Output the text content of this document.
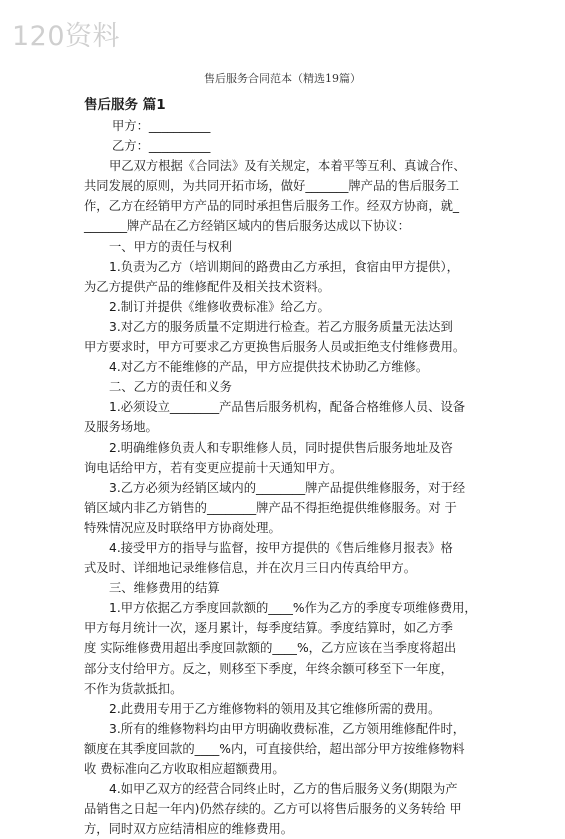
120资料
售后服务合同范本（精选19篇）
售后服务 篇1
甲方：__________
乙方：__________
甲乙双方根据《合同法》及有关规定，本着平等互利、真诚合作、
共同发展的原则，为共同开拓市场，做好_______牌产品的售后服务工
作，乙方在经销甲方产品的同时承担售后服务工作。经双方协商，就_
_______牌产品在乙方经销区域内的售后服务达成以下协议：
一、甲方的责任与权利
1.负责为乙方（培训期间的路费由乙方承担，食宿由甲方提供），
为乙方提供产品的维修配件及相关技术资料。
2.制订并提供《维修收费标准》给乙方。
3.对乙方的服务质量不定期进行检查。若乙方服务质量无法达到
甲方要求时，甲方可要求乙方更换售后服务人员或拒绝支付维修费用。
4.对乙方不能维修的产品，甲方应提供技术协助乙方维修。
二、乙方的责任和义务
1.必须设立________产品售后服务机构，配备合格维修人员、设备
及服务场地。
2.明确维修负责人和专职维修人员，同时提供售后服务地址及咨
询电话给甲方，若有变更应提前十天通知甲方。
3.乙方必须为经销区域内的________牌产品提供维修服务，对于经
销区域内非乙方销售的________牌产品不得拒绝提供维修服务。对 于
特殊情况应及时联络甲方协商处理。
4.接受甲方的指导与监督，按甲方提供的《售后维修月报表》格
式及时、详细地记录维修信息，并在次月三日内传真给甲方。
三、维修费用的结算
1.甲方依据乙方季度回款额的____%作为乙方的季度专项维修费用，
甲方每月统计一次，逐月累计，每季度结算。季度结算时，如乙方季
度 实际维修费用超出季度回款额的____%，乙方应该在当季度将超出
部分支付给甲方。反之，则移至下季度，年终余额可移至下一年度，
不作为货款抵扣。
2.此费用专用于乙方维修物料的领用及其它维修所需的费用。
3.所有的维修物料均由甲方明确收费标准，乙方领用维修配件时，
额度在其季度回款的____%内，可直接供给，超出部分甲方按维修物料
收 费标准向乙方收取相应超额费用。
4.如甲乙双方的经营合同终止时，乙方的售后服务义务(期限为产
品销售之日起一年内)仍然存续的。乙方可以将售后服务的义务转给 甲
方，同时双方应结清相应的维修费用。
